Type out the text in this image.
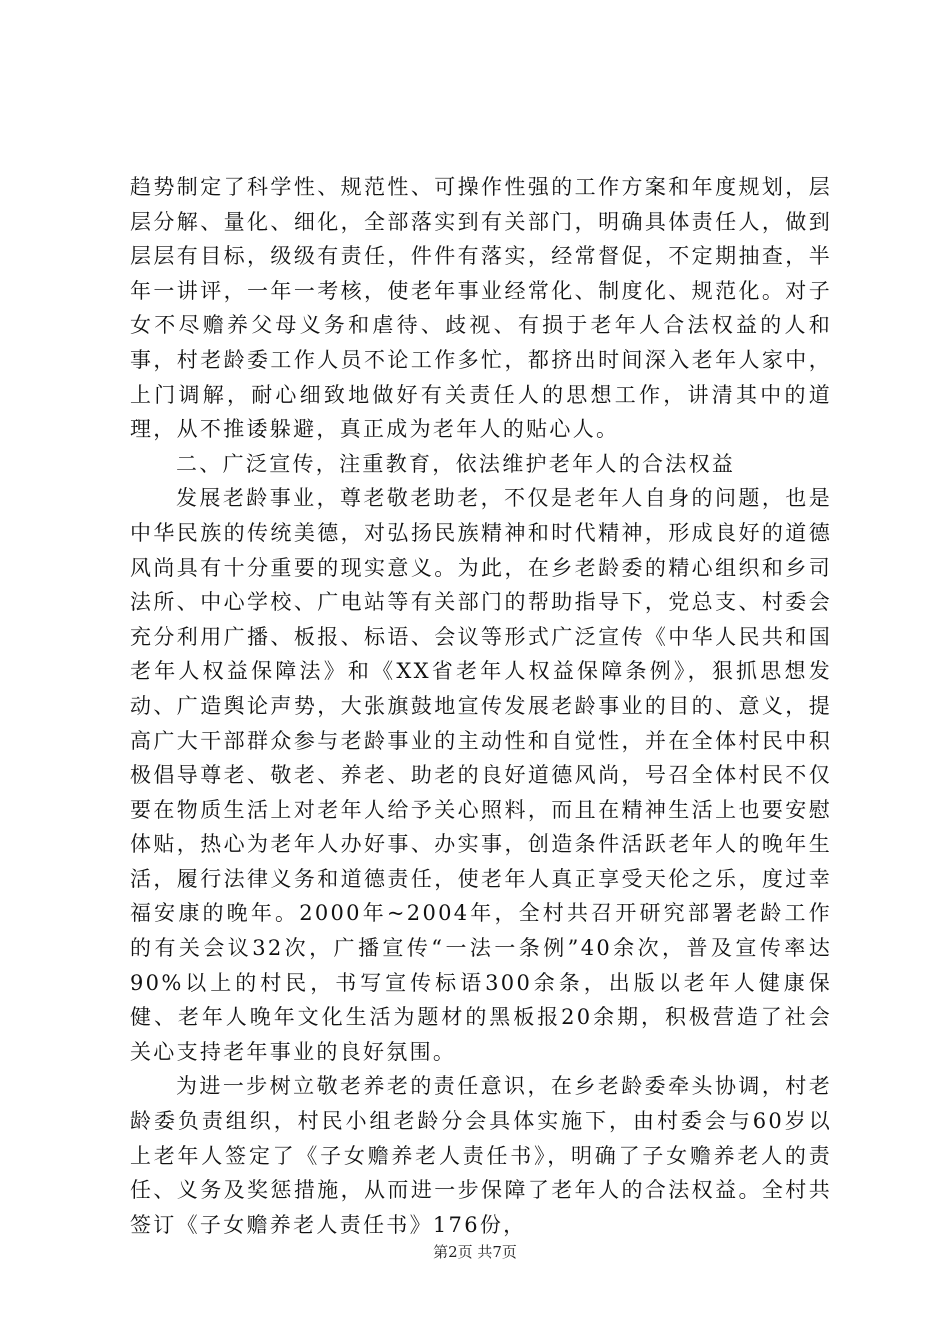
趋势制定了科学性、规范性、可操作性强的工作方案和年度规划，层层分解、量化、细化，全部落实到有关部门，明确具体责任人，做到层层有目标，级级有责任，件件有落实，经常督促，不定期抽查，半年一讲评，一年一考核，使老年事业经常化、制度化、规范化。对子女不尽赡养父母义务和虐待、歧视、有损于老年人合法权益的人和事，村老龄委工作人员不论工作多忙，都挤出时间深入老年人家中，上门调解，耐心细致地做好有关责任人的思想工作，讲清其中的道理，从不推诿躲避，真正成为老年人的贴心人。

二、广泛宣传，注重教育，依法维护老年人的合法权益

发展老龄事业，尊老敬老助老，不仅是老年人自身的问题，也是中华民族的传统美德，对弘扬民族精神和时代精神，形成良好的道德风尚具有十分重要的现实意义。为此，在乡老龄委的精心组织和乡司法所、中心学校、广电站等有关部门的帮助指导下，党总支、村委会充分利用广播、板报、标语、会议等形式广泛宣传《中华人民共和国老年人权益保障法》和《XX省老年人权益保障条例》，狠抓思想发动、广造舆论声势，大张旗鼓地宣传发展老龄事业的目的、意义，提高广大干部群众参与老龄事业的主动性和自觉性，并在全体村民中积极倡导尊老、敬老、养老、助老的良好道德风尚，号召全体村民不仅要在物质生活上对老年人给予关心照料，而且在精神生活上也要安慰体贴，热心为老年人办好事、办实事，创造条件活跃老年人的晚年生活，履行法律义务和道德责任，使老年人真正享受天伦之乐，度过幸福安康的晚年。2000年~2004年，全村共召开研究部署老龄工作的有关会议32次，广播宣传“一法一条例”40余次，普及宣传率达90%以上的村民，书写宣传标语300余条，出版以老年人健康保健、老年人晚年文化生活为题材的黑板报20余期，积极营造了社会关心支持老年事业的良好氛围。

为进一步树立敬老养老的责任意识，在乡老龄委牵头协调，村老龄委负责组织，村民小组老龄分会具体实施下，由村委会与60岁以上老年人签定了《子女赡养老人责任书》，明确了子女赡养老人的责任、义务及奖惩措施，从而进一步保障了老年人的合法权益。全村共签订《子女赡养老人责任书》176份，

第2页 共7页
